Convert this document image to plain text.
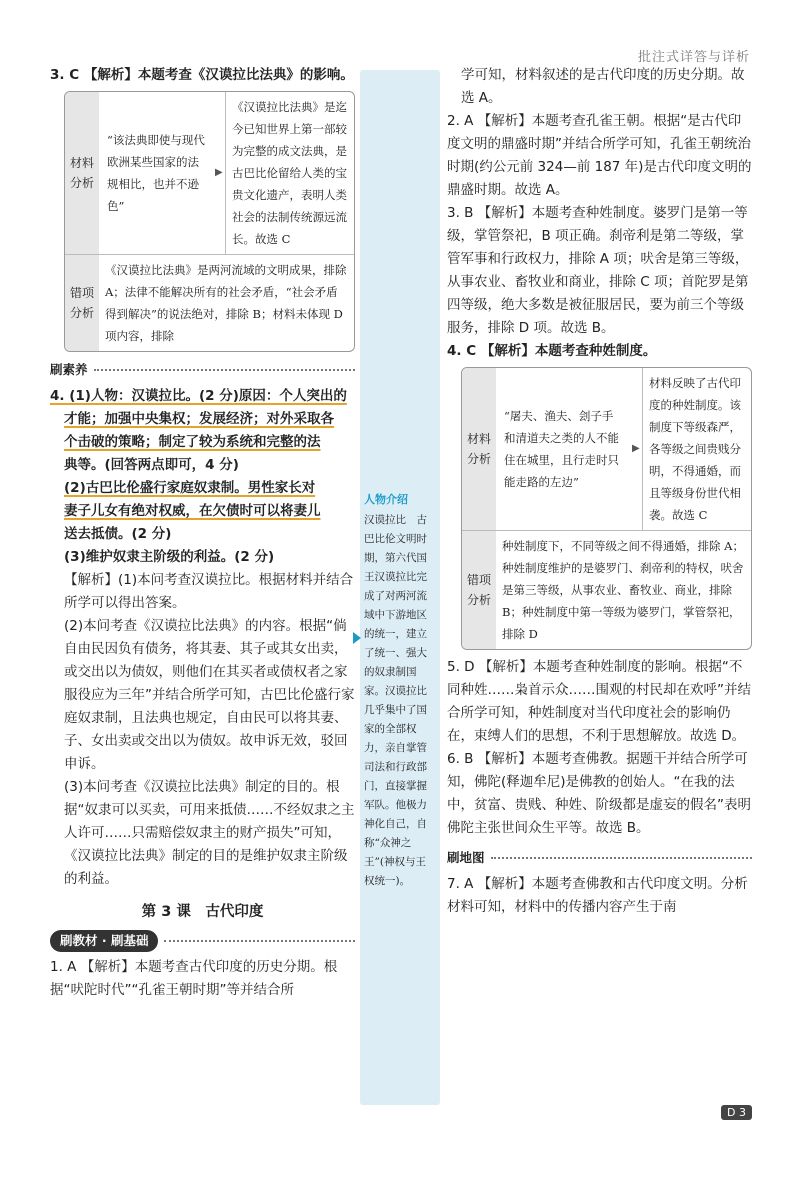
批注式详答与详析

3. C 【解析】本题考查《汉谟拉比法典》的影响。

材料分析
“该法典即使与现代欧洲某些国家的法规相比，也并不逊色”
▶
《汉谟拉比法典》是迄今已知世界上第一部较为完整的成文法典，是古巴比伦留给人类的宝贵文化遗产，表明人类社会的法制传统源远流长。故选 C
错项分析
《汉谟拉比法典》是两河流域的文明成果，排除 A；法律不能解决所有的社会矛盾，“社会矛盾得到解决”的说法绝对，排除 B；材料未体现 D 项内容，排除
刷素养

4. (1)人物：汉谟拉比。(2 分)原因：个人突出的

才能；加强中央集权；发展经济；对外采取各

个击破的策略；制定了较为系统和完整的法

典等。(回答两点即可，4 分)

(2)古巴比伦盛行家庭奴隶制。男性家长对

妻子儿女有绝对权威，在欠债时可以将妻儿

送去抵债。(2 分)

(3)维护奴隶主阶级的利益。(2 分)

【解析】(1)本问考查汉谟拉比。根据材料并结合所学可以得出答案。

(2)本问考查《汉谟拉比法典》的内容。根据“倘自由民因负有债务，将其妻、其子或其女出卖，或交出以为债奴，则他们在其买者或债权者之家服役应为三年”并结合所学可知，古巴比伦盛行家庭奴隶制，且法典也规定，自由民可以将其妻、子、女出卖或交出以为债奴。故申诉无效，驳回申诉。

(3)本问考查《汉谟拉比法典》制定的目的。根据“奴隶可以买卖，可用来抵债……不经奴隶之主人许可……只需赔偿奴隶主的财产损失”可知，《汉谟拉比法典》制定的目的是维护奴隶主阶级的利益。

第 3 课　古代印度
刷教材 · 刷基础

1. A 【解析】本题考查古代印度的历史分期。根据“吠陀时代”“孔雀王朝时期”等并结合所

人物介绍
汉谟拉比　古巴比伦文明时期，第六代国王汉谟拉比完成了对两河流域中下游地区的统一，建立了统一、强大的奴隶制国家。汉谟拉比几乎集中了国家的全部权力，亲自掌管司法和行政部门，直接掌握军队。他极力神化自己，自称“众神之王”(神权与王权统一)。

学可知，材料叙述的是古代印度的历史分期。故选 A。

2. A 【解析】本题考查孔雀王朝。根据“是古代印度文明的鼎盛时期”并结合所学可知，孔雀王朝统治时期(约公元前 324—前 187 年)是古代印度文明的鼎盛时期。故选 A。

3. B 【解析】本题考查种姓制度。婆罗门是第一等级，掌管祭祀，B 项正确。刹帝利是第二等级，掌管军事和行政权力，排除 A 项；吠舍是第三等级，从事农业、畜牧业和商业，排除 C 项；首陀罗是第四等级，绝大多数是被征服居民，要为前三个等级服务，排除 D 项。故选 B。

4. C 【解析】本题考查种姓制度。

材料分析
“屠夫、渔夫、刽子手和清道夫之类的人不能住在城里，且行走时只能走路的左边”
▶
材料反映了古代印度的种姓制度。该制度下等级森严，各等级之间贵贱分明，不得通婚，而且等级身份世代相袭。故选 C
错项分析
种姓制度下，不同等级之间不得通婚，排除 A；种姓制度维护的是婆罗门、刹帝利的特权，吠舍是第三等级，从事农业、畜牧业、商业，排除 B；种姓制度中第一等级为婆罗门，掌管祭祀，排除 D

5. D 【解析】本题考查种姓制度的影响。根据“不同种姓……枭首示众……围观的村民却在欢呼”并结合所学可知，种姓制度对当代印度社会的影响仍在，束缚人们的思想，不利于思想解放。故选 D。

6. B 【解析】本题考查佛教。据题干并结合所学可知，佛陀(释迦牟尼)是佛教的创始人。“在我的法中，贫富、贵贱、种姓、阶级都是虚妄的假名”表明佛陀主张世间众生平等。故选 B。

刷地图

7. A 【解析】本题考查佛教和古代印度文明。分析材料可知，材料中的传播内容产生于南

D 3
